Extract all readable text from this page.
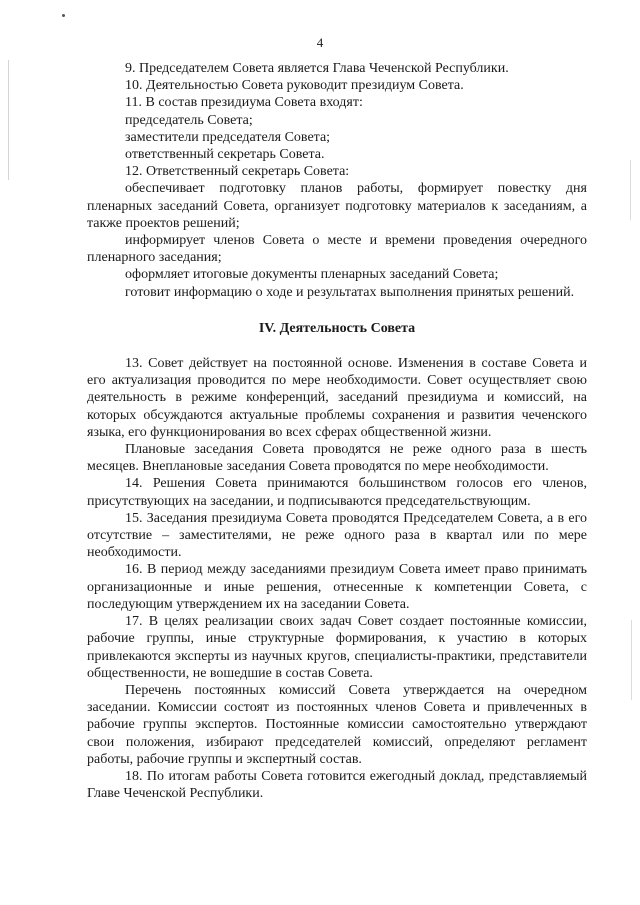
4

9. Председателем Совета является Глава Чеченской Республики.

10. Деятельностью Совета руководит президиум Совета.

11. В состав президиума Совета входят:

председатель Совета;

заместители председателя Совета;

ответственный секретарь Совета.

12. Ответственный секретарь Совета:

обеспечивает подготовку планов работы, формирует повестку дня пленарных заседаний Совета, организует подготовку материалов к заседаниям, а также проектов решений;

информирует членов Совета о месте и времени проведения очередного пленарного заседания;

оформляет итоговые документы пленарных заседаний Совета;

готовит информацию о ходе и результатах выполнения принятых решений.

IV. Деятельность Совета

13. Совет действует на постоянной основе. Изменения в составе Совета и его актуализация проводится по мере необходимости. Совет осуществляет свою деятельность в режиме конференций, заседаний президиума и комиссий, на которых обсуждаются актуальные проблемы сохранения и развития чеченского языка, его функционирования во всех сферах общественной жизни.

Плановые заседания Совета проводятся не реже одного раза в шесть месяцев. Внеплановые заседания Совета проводятся по мере необходимости.

14. Решения Совета принимаются большинством голосов его членов, присутствующих на заседании, и подписываются председательствующим.

15. Заседания президиума Совета проводятся Председателем Совета, а в его отсутствие – заместителями, не реже одного раза в квартал или по мере необходимости.

16. В период между заседаниями президиум Совета имеет право принимать организационные и иные решения, отнесенные к компетенции Совета, с последующим утверждением их на заседании Совета.

17. В целях реализации своих задач Совет создает постоянные комиссии, рабочие группы, иные структурные формирования, к участию в которых привлекаются эксперты из научных кругов, специалисты-практики, представители общественности, не вошедшие в состав Совета.

Перечень постоянных комиссий Совета утверждается на очередном заседании. Комиссии состоят из постоянных членов Совета и привлеченных в рабочие группы экспертов. Постоянные комиссии самостоятельно утверждают свои положения, избирают председателей комиссий, определяют регламент работы, рабочие группы и экспертный состав.

18. По итогам работы Совета готовится ежегодный доклад, представляемый Главе Чеченской Республики.
